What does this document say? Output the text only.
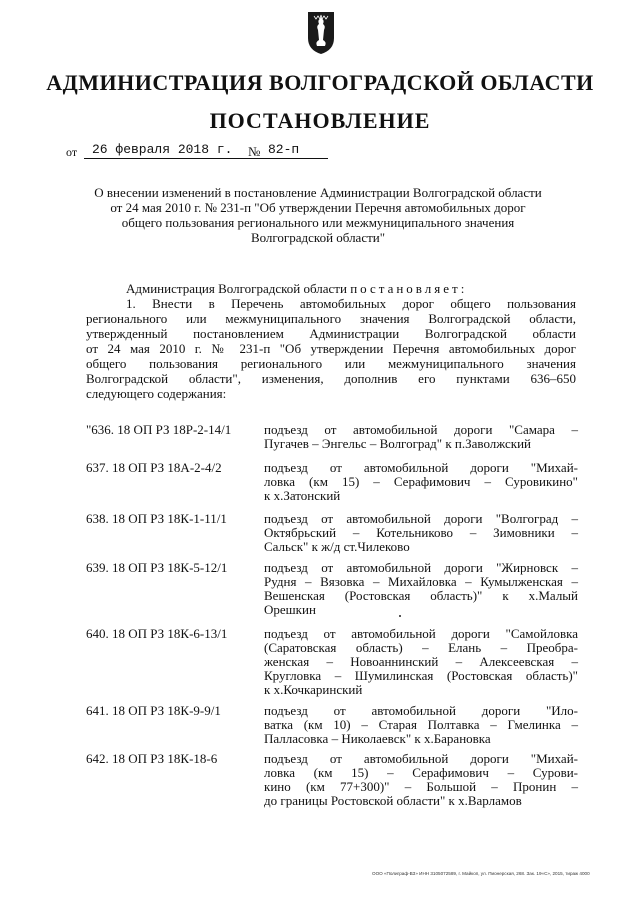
АДМИНИСТРАЦИЯ ВОЛГОГРАДСКОЙ ОБЛАСТИ
ПОСТАНОВЛЕНИЕ
от	26 февраля 2018 г.	№ 82-п
О внесении изменений в постановление Администрации Волгоградской области
от 24 мая 2010 г. № 231-п "Об утверждении Перечня автомобильных дорог
общего пользования регионального или межмуниципального значения
Волгоградской области"
Администрация Волгоградской области постановляет:
1. Внести в Перечень автомобильных дорог общего пользования
регионального или межмуниципального значения Волгоградской области,
утвержденный постановлением Администрации Волгоградской области
от 24 мая 2010 г. № 231-п "Об утверждении Перечня автомобильных дорог
общего пользования регионального или межмуниципального значения
Волгоградской области", изменения, дополнив его пунктами 636–650
следующего содержания:
"636. 18 ОП РЗ 18Р-2-14/1	подъезд от автомобильной дороги "Самара –
Пугачев – Энгельс – Волгоград" к п.Заволжский
637. 18 ОП РЗ 18А-2-4/2	подъезд от автомобильной дороги "Михай-
ловка (км 15) – Серафимович – Суровикино"
к х.Затонский
638. 18 ОП РЗ 18К-1-11/1	подъезд от автомобильной дороги "Волгоград –
Октябрьский – Котельниково – Зимовники –
Сальск" к ж/д ст.Чилеково
639. 18 ОП РЗ 18К-5-12/1	подъезд от автомобильной дороги "Жирновск –
Рудня – Вязовка – Михайловка – Кумылженская –
Вешенская (Ростовская область)" к х.Малый
Орешкин
640. 18 ОП РЗ 18К-6-13/1	подъезд от автомобильной дороги "Самойловка
(Саратовская область) – Елань – Преобра-
женская – Новоаннинский – Алексеевская –
Кругловка – Шумилинская (Ростовская область)"
к х.Кочкаринский
641. 18 ОП РЗ 18К-9-9/1	подъезд от автомобильной дороги "Ило-
ватка (км 10) – Старая Полтавка – Гмелинка –
Палласовка – Николаевск" к х.Барановка
642. 18 ОП РЗ 18К-18-6	подъезд от автомобильной дороги "Михай-
ловка (км 15) – Серафимович – Сурови-
кино (км 77+300)" – Большой – Пронин –
до границы Ростовской области" к х.Варламов
ООО «Полиграф-ВЗ» ИНН 3105072589, г. Майкоп, ул. Пионерская, 268. Зак. 19«С», 2015, тираж 4000
